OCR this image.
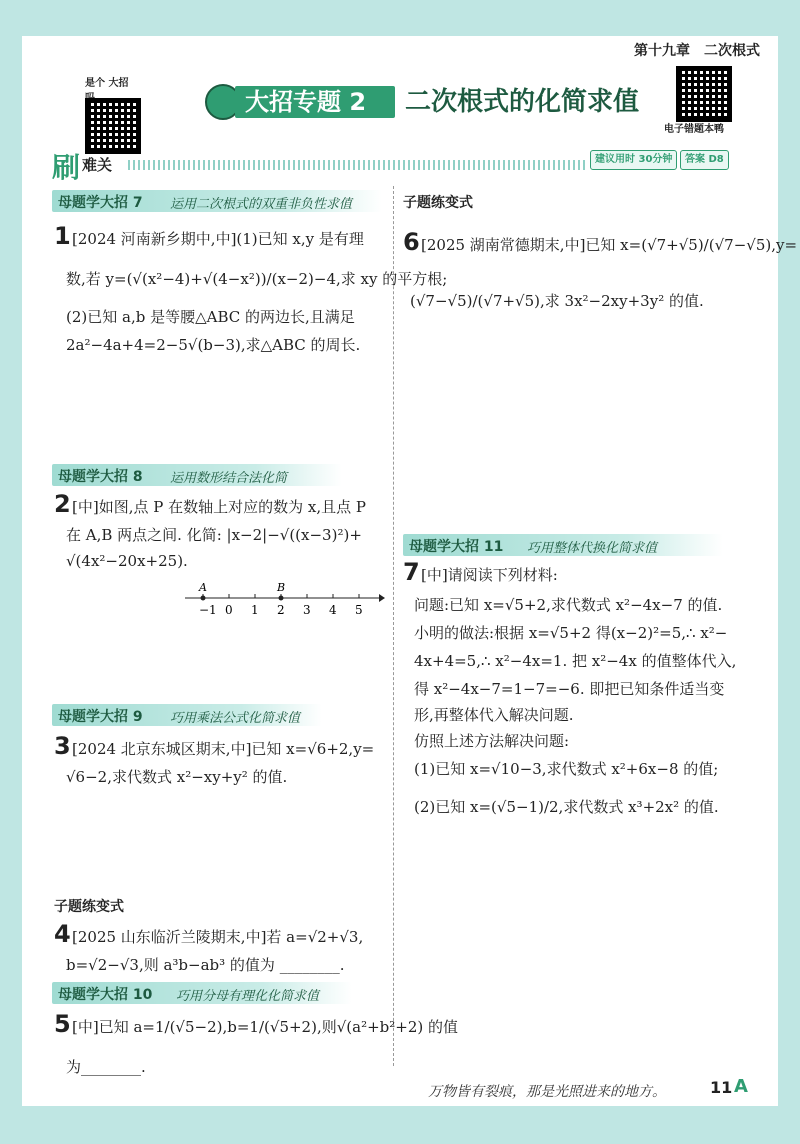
第十九章　二次根式
是个 大招
电子错题本鸭
大招专题 2	二次根式的化简求值
刷 难关	建议用时 30分钟	答案 D8
母题学大招 7 运用二次根式的双重非负性求值
1 [2024 河南新乡期中,中](1)已知 x,y 是有理
数,若 y=(√(x²−4)+√(4−x²))/(x−2)−4,求 xy 的平方根;
(2)已知 a,b 是等腰△ABC 的两边长,且满足
2a²−4a+4=2−5√(b−3),求△ABC 的周长.
母题学大招 8 运用数形结合法化简
2 [中]如图,点 P 在数轴上对应的数为 x,且点 P
在 A,B 两点之间. 化简: |x−2|−√((x−3)²)+
√(4x²−20x+25).
−1 0 1 2 3 4 5
A	B
母题学大招 9 巧用乘法公式化简求值
3 [2024 北京东城区期末,中]已知 x=√6+2,y=
√6−2,求代数式 x²−xy+y² 的值.
子题练变式
4 [2025 山东临沂兰陵期末,中]若 a=√2+√3,
b=√2−√3,则 a³b−ab³ 的值为 ________.
母题学大招 10 巧用分母有理化化简求值
5 [中]已知 a=1/(√5−2),b=1/(√5+2),则√(a²+b²+2) 的值
为________.
子题练变式
6 [2025 湖南常德期末,中]已知 x=(√7+√5)/(√7−√5),y=
(√7−√5)/(√7+√5),求 3x²−2xy+3y² 的值.
母题学大招 11 巧用整体代换化简求值
7 [中]请阅读下列材料:
问题:已知 x=√5+2,求代数式 x²−4x−7 的值.
小明的做法:根据 x=√5+2 得(x−2)²=5,∴ x²−
4x+4=5,∴ x²−4x=1. 把 x²−4x 的值整体代入,
得 x²−4x−7=1−7=−6. 即把已知条件适当变
形,再整体代入解决问题.
仿照上述方法解决问题:
(1)已知 x=√10−3,求代数式 x²+6x−8 的值;
(2)已知 x=(√5−1)/2,求代数式 x³+2x² 的值.
万物皆有裂痕，那是光照进来的地方。	11 A
